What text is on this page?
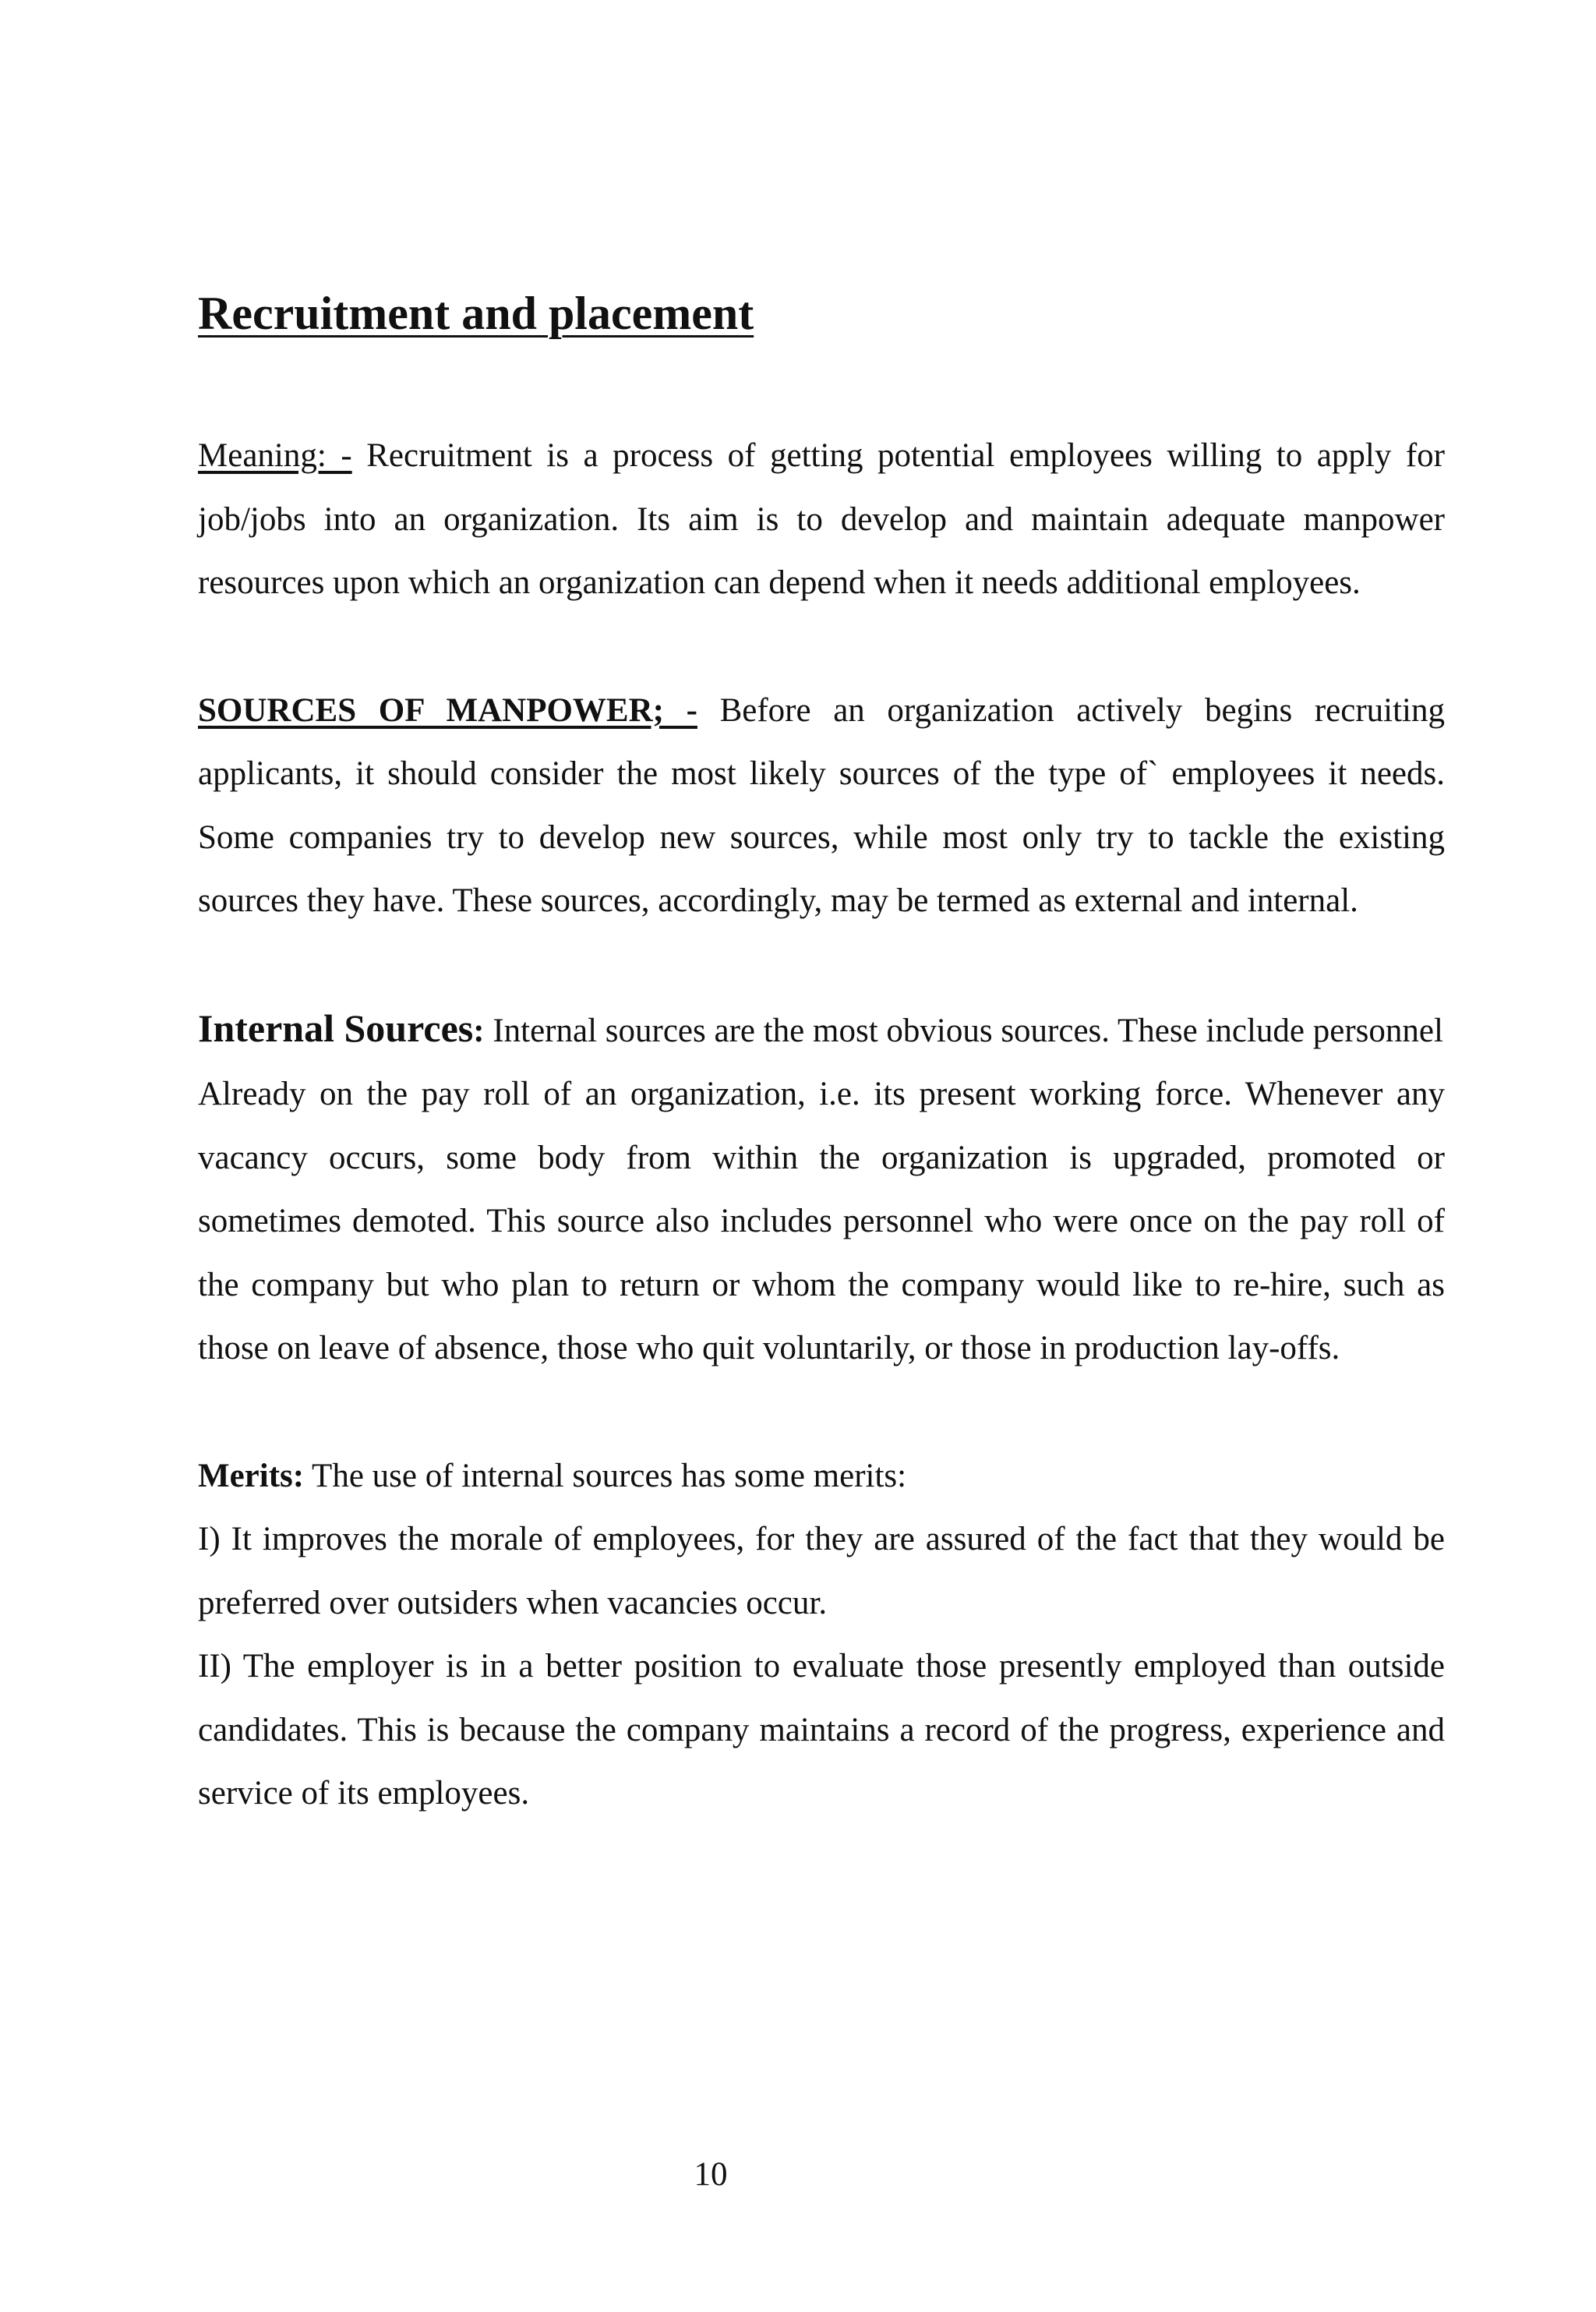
Recruitment and placement

Meaning: - Recruitment is a process of getting potential employees willing to apply for job/jobs into an organization. Its aim is to develop and maintain adequate manpower resources upon which an organization can depend when it needs additional employees.

SOURCES OF MANPOWER; - Before an organization actively begins recruiting applicants, it should consider the most likely sources of the type of` employees it needs. Some companies try to develop new sources, while most only try to tackle the existing sources they have. These sources, accordingly, may be termed as external and internal.

Internal Sources: Internal sources are the most obvious sources. These include personnel

Already on the pay roll of an organization, i.e. its present working force. Whenever any vacancy occurs, some body from within the organization is upgraded, promoted or sometimes demoted. This source also includes personnel who were once on the pay roll of the company but who plan to return or whom the company would like to re-hire, such as those on leave of absence, those who quit voluntarily, or those in production lay-offs.

Merits: The use of internal sources has some merits:

I) It improves the morale of employees, for they are assured of the fact that they would be preferred over outsiders when vacancies occur.

II) The employer is in a better position to evaluate those presently employed than outside candidates. This is because the company maintains a record of the progress, experience and service of its employees.

10
